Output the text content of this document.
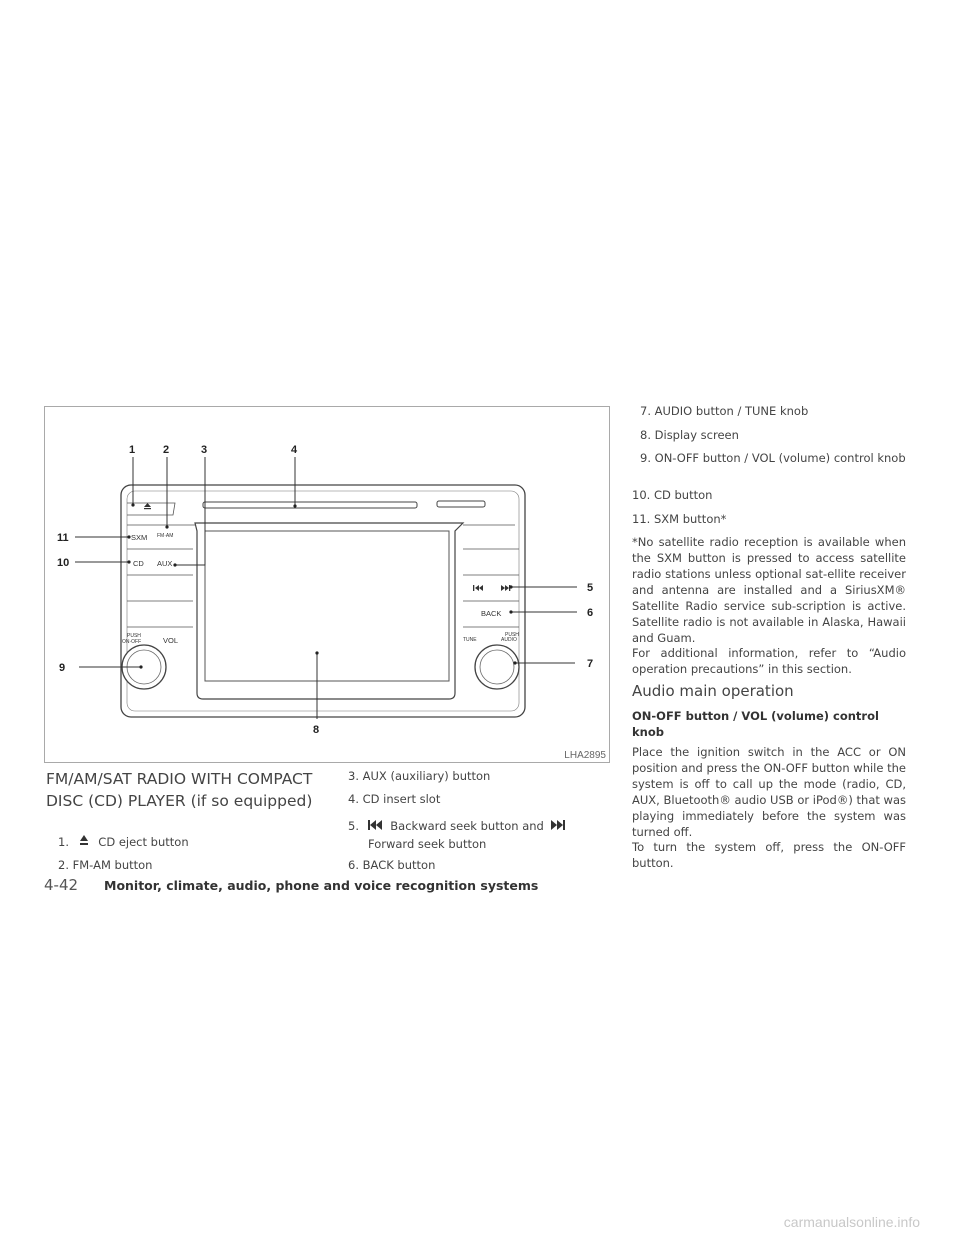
SXM FM·AM
CD AUX
PUSH
ON·OFF	VOL
BACK
PUSH
TUNE	AUDIO
1	2	3	4
5
6
7
8
9
10
11
LHA2895
FM/AM/SAT RADIO WITH COMPACT DISC (CD) PLAYER (if so equipped)
1.	CD eject button
2. FM-AM button
3. AUX (auxiliary) button
4. CD insert slot
5.	Backward seek button and
Forward seek button
6. BACK button
7. AUDIO button / TUNE knob
8. Display screen
9. ON-OFF button / VOL (volume) control knob
10. CD button
11. SXM button*
*No satellite radio reception is available when the SXM button is pressed to access satellite radio stations unless optional sat-ellite receiver and antenna are installed and a SiriusXM® Satellite Radio service sub-scription is active. Satellite radio is not available in Alaska, Hawaii and Guam.
For additional information, refer to “Audio operation precautions” in this section.
Audio main operation
ON-OFF button / VOL (volume) control knob
Place the ignition switch in the ACC or ON position and press the ON-OFF button while the system is off to call up the mode (radio, CD, AUX, Bluetooth® audio USB or iPod®) that was playing immediately before the system was turned off.
To turn the system off, press the ON-OFF button.
4-42 Monitor, climate, audio, phone and voice recognition systems
carmanualsonline.info
